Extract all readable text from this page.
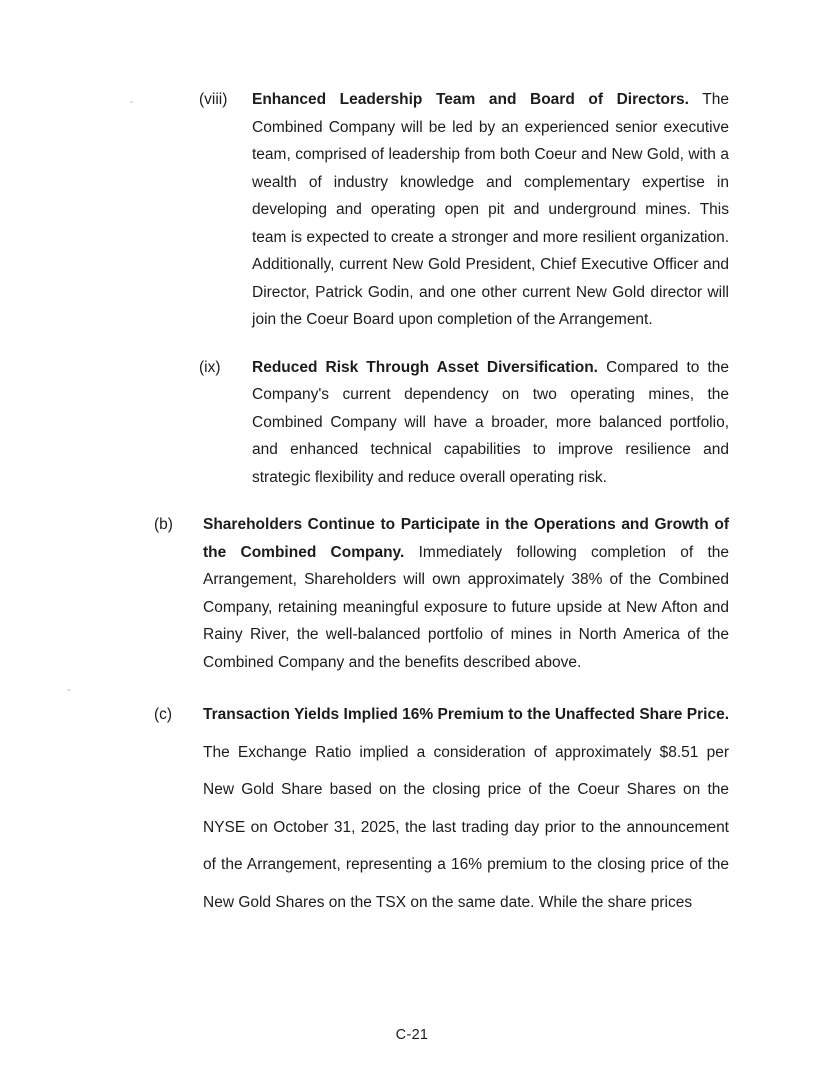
(viii)	Enhanced Leadership Team and Board of Directors. The Combined Company will be led by an experienced senior executive team, comprised of leadership from both Coeur and New Gold, with a wealth of industry knowledge and complementary expertise in developing and operating open pit and underground mines. This team is expected to create a stronger and more resilient organization. Additionally, current New Gold President, Chief Executive Officer and Director, Patrick Godin, and one other current New Gold director will join the Coeur Board upon completion of the Arrangement.

(ix)	Reduced Risk Through Asset Diversification. Compared to the Company's current dependency on two operating mines, the Combined Company will have a broader, more balanced portfolio, and enhanced technical capabilities to improve resilience and strategic flexibility and reduce overall operating risk.

(b)	Shareholders Continue to Participate in the Operations and Growth of the Combined Company. Immediately following completion of the Arrangement, Shareholders will own approximately 38% of the Combined Company, retaining meaningful exposure to future upside at New Afton and Rainy River, the well-balanced portfolio of mines in North America of the Combined Company and the benefits described above.

(c)	Transaction Yields Implied 16% Premium to the Unaffected Share Price. The Exchange Ratio implied a consideration of approximately $8.51 per New Gold Share based on the closing price of the Coeur Shares on the NYSE on October 31, 2025, the last trading day prior to the announcement of the Arrangement, representing a 16% premium to the closing price of the New Gold Shares on the TSX on the same date. While the share prices

C-21
